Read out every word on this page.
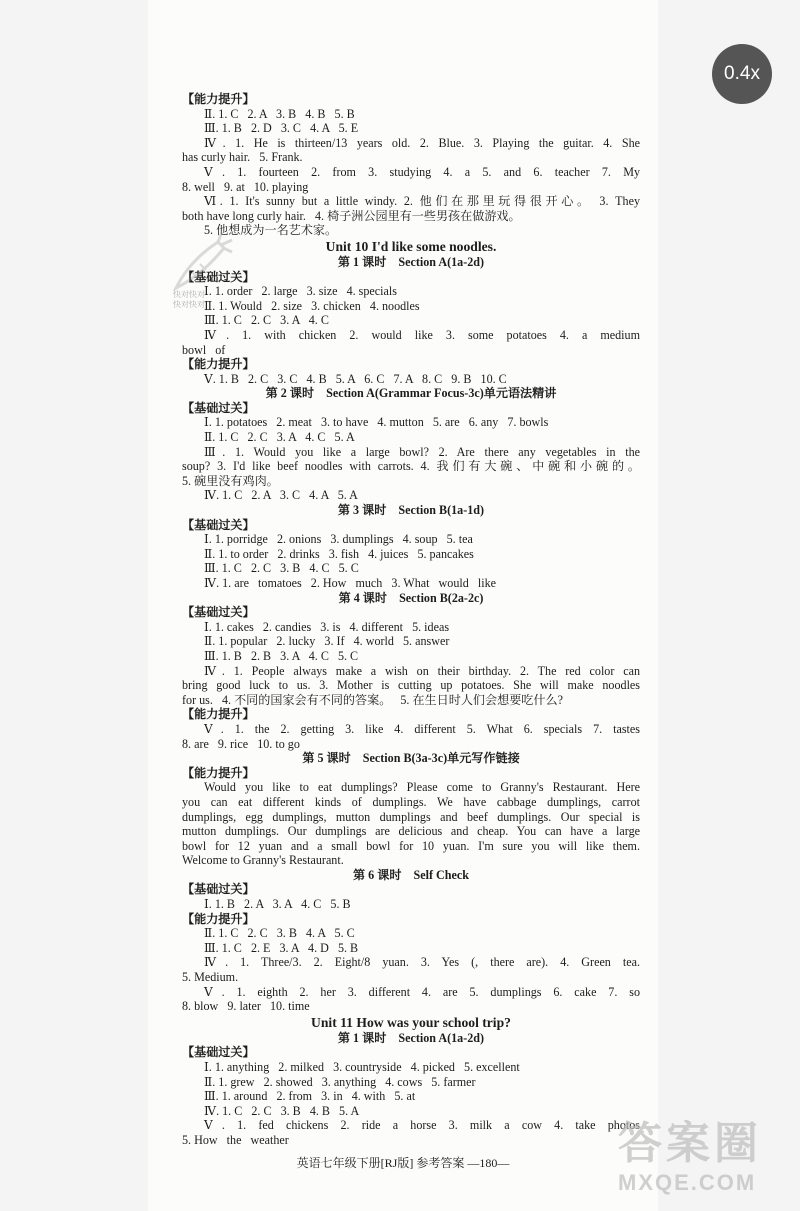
【能力提升】
Ⅱ. 1. C   2. A   3. B   4. B   5. B
Ⅲ. 1. B   2. D   3. C   4. A   5. E
Ⅳ. 1. He is thirteen/13 years old. 2. Blue. 3. Playing the guitar. 4. She
has curly hair.   5. Frank.
Ⅴ. 1. fourteen 2. from 3. studying 4. a 5. and 6. teacher 7. My
8. well   9. at   10. playing
Ⅵ. 1. It's sunny but a little windy. 2. 他们在那里玩得很开心。 3. They
both have long curly hair.   4. 椅子洲公园里有一些男孩在做游戏。
5. 他想成为一名艺术家。
Unit 10 I'd like some noodles.
第 1 课时    Section A(1a-2d)
【基础过关】
Ⅰ. 1. order   2. large   3. size   4. specials
Ⅱ. 1. Would   2. size   3. chicken   4. noodles
Ⅲ. 1. C   2. C   3. A   4. C
Ⅳ. 1. with chicken 2. would like 3. some potatoes 4. a medium
bowl   of
【能力提升】
Ⅴ. 1. B   2. C   3. C   4. B   5. A   6. C   7. A   8. C   9. B   10. C
第 2 课时    Section A(Grammar Focus-3c)单元语法精讲
【基础过关】
Ⅰ. 1. potatoes   2. meat   3. to have   4. mutton   5. are   6. any   7. bowls
Ⅱ. 1. C   2. C   3. A   4. C   5. A
Ⅲ. 1. Would you like a large bowl? 2. Are there any vegetables in the
soup? 3. I'd like beef noodles with carrots. 4. 我们有大碗、中碗和小碗的。
5. 碗里没有鸡肉。
Ⅳ. 1. C   2. A   3. C   4. A   5. A
第 3 课时    Section B(1a-1d)
【基础过关】
Ⅰ. 1. porridge   2. onions   3. dumplings   4. soup   5. tea
Ⅱ. 1. to order   2. drinks   3. fish   4. juices   5. pancakes
Ⅲ. 1. C   2. C   3. B   4. C   5. C
Ⅳ. 1. are   tomatoes   2. How   much   3. What   would   like
第 4 课时    Section B(2a-2c)
【基础过关】
Ⅰ. 1. cakes   2. candies   3. is   4. different   5. ideas
Ⅱ. 1. popular   2. lucky   3. If   4. world   5. answer
Ⅲ. 1. B   2. B   3. A   4. C   5. C
Ⅳ. 1. People always make a wish on their birthday. 2. The red color can
bring good luck to us. 3. Mother is cutting up potatoes. She will make noodles
for us.   4. 不同的国家会有不同的答案。   5. 在生日时人们会想要吃什么?
【能力提升】
Ⅴ. 1. the 2. getting 3. like 4. different 5. What 6. specials 7. tastes
8. are   9. rice   10. to go
第 5 课时    Section B(3a-3c)单元写作链接
【能力提升】
Would you like to eat dumplings? Please come to Granny's Restaurant. Here
you can eat different kinds of dumplings. We have cabbage dumplings, carrot
dumplings, egg dumplings, mutton dumplings and beef dumplings. Our special is
mutton dumplings. Our dumplings are delicious and cheap. You can have a large
bowl for 12 yuan and a small bowl for 10 yuan. I'm sure you will like them.
Welcome to Granny's Restaurant.
第 6 课时    Self Check
【基础过关】
Ⅰ. 1. B   2. A   3. A   4. C   5. B
【能力提升】
Ⅱ. 1. C   2. C   3. B   4. A   5. C
Ⅲ. 1. C   2. E   3. A   4. D   5. B
Ⅳ. 1. Three/3. 2. Eight/8 yuan. 3. Yes (, there are). 4. Green tea.
5. Medium.
Ⅴ. 1. eighth 2. her 3. different 4. are 5. dumplings 6. cake 7. so
8. blow   9. later   10. time
Unit 11 How was your school trip?
第 1 课时    Section A(1a-2d)
【基础过关】
Ⅰ. 1. anything   2. milked   3. countryside   4. picked   5. excellent
Ⅱ. 1. grew   2. showed   3. anything   4. cows   5. farmer
Ⅲ. 1. around   2. from   3. in   4. with   5. at
Ⅳ. 1. C   2. C   3. B   4. B   5. A
Ⅴ. 1. fed chickens 2. ride a horse 3. milk a cow 4. take photos
5. How   the   weather
快对快对
快对快对
0.4x
英语七年级下册[RJ版] 参考答案 —180—	答案圈
MXQE.COM
